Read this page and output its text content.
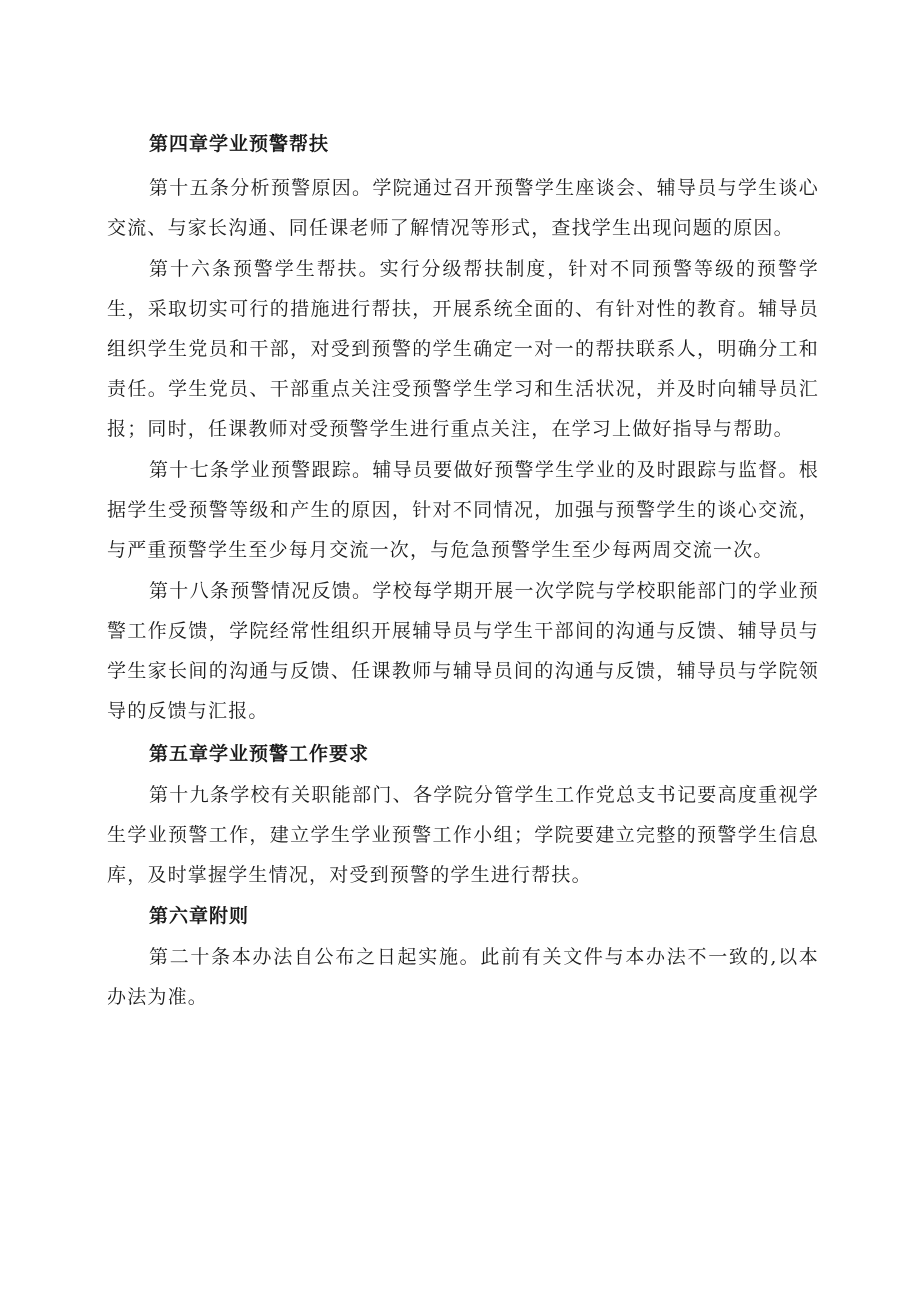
第四章学业预警帮扶

第十五条分析预警原因。学院通过召开预警学生座谈会、辅导员与学生谈心交流、与家长沟通、同任课老师了解情况等形式，查找学生出现问题的原因。

第十六条预警学生帮扶。实行分级帮扶制度，针对不同预警等级的预警学生，采取切实可行的措施进行帮扶，开展系统全面的、有针对性的教育。辅导员组织学生党员和干部，对受到预警的学生确定一对一的帮扶联系人，明确分工和责任。学生党员、干部重点关注受预警学生学习和生活状况，并及时向辅导员汇报；同时，任课教师对受预警学生进行重点关注，在学习上做好指导与帮助。

第十七条学业预警跟踪。辅导员要做好预警学生学业的及时跟踪与监督。根据学生受预警等级和产生的原因，针对不同情况，加强与预警学生的谈心交流，与严重预警学生至少每月交流一次，与危急预警学生至少每两周交流一次。

第十八条预警情况反馈。学校每学期开展一次学院与学校职能部门的学业预警工作反馈，学院经常性组织开展辅导员与学生干部间的沟通与反馈、辅导员与学生家长间的沟通与反馈、任课教师与辅导员间的沟通与反馈，辅导员与学院领导的反馈与汇报。

第五章学业预警工作要求

第十九条学校有关职能部门、各学院分管学生工作党总支书记要高度重视学生学业预警工作，建立学生学业预警工作小组；学院要建立完整的预警学生信息库，及时掌握学生情况，对受到预警的学生进行帮扶。

第六章附则

第二十条本办法自公布之日起实施。此前有关文件与本办法不一致的,以本办法为准。
